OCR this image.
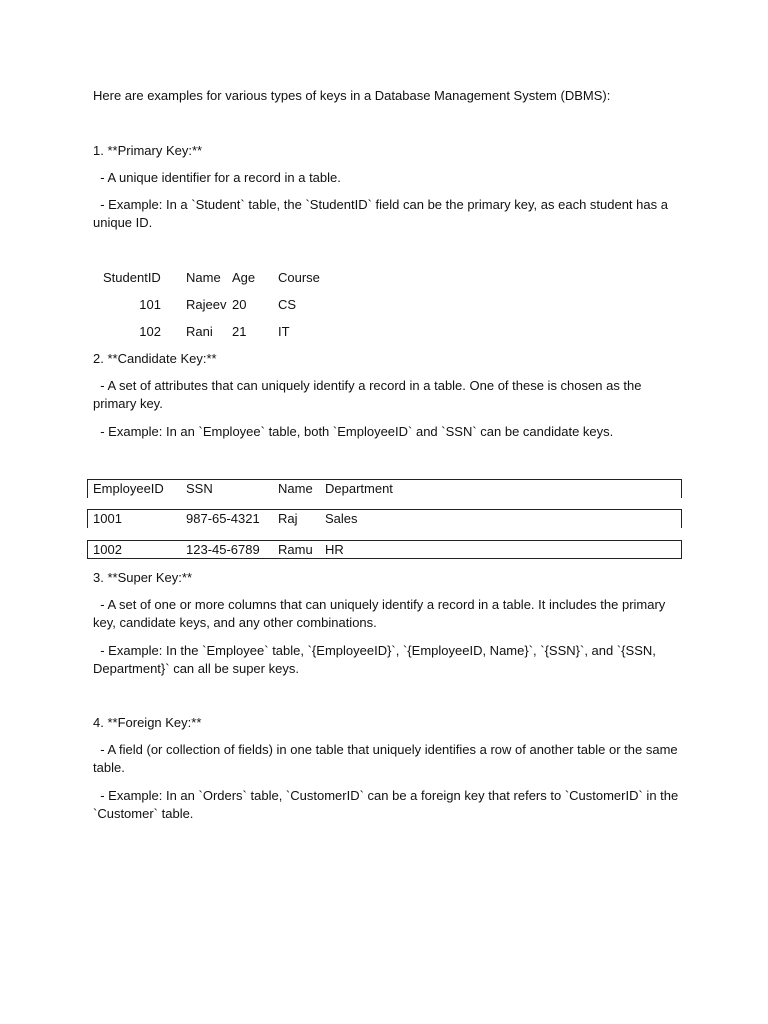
Here are examples for various types of keys in a Database Management System (DBMS):
1. **Primary Key:**
- A unique identifier for a record in a table.
- Example: In a `Student` table, the `StudentID` field can be the primary key, as each student has a unique ID.
StudentID Name Age Course
101 Rajeev 20 CS
102 Rani 21 IT
2. **Candidate Key:**
- A set of attributes that can uniquely identify a record in a table. One of these is chosen as the primary key.
- Example: In an `Employee` table, both `EmployeeID` and `SSN` can be candidate keys.
EmployeeID SSN	Name Department
1001	987-65-4321 Raj Sales
1002	123-45-6789 Ramu HR
3. **Super Key:**
- A set of one or more columns that can uniquely identify a record in a table. It includes the primary key, candidate keys, and any other combinations.
- Example: In the `Employee` table, `{EmployeeID}`, `{EmployeeID, Name}`, `{SSN}`, and `{SSN, Department}` can all be super keys.
4. **Foreign Key:**
- A field (or collection of fields) in one table that uniquely identifies a row of another table or the same table.
- Example: In an `Orders` table, `CustomerID` can be a foreign key that refers to `CustomerID` in the `Customer` table.
